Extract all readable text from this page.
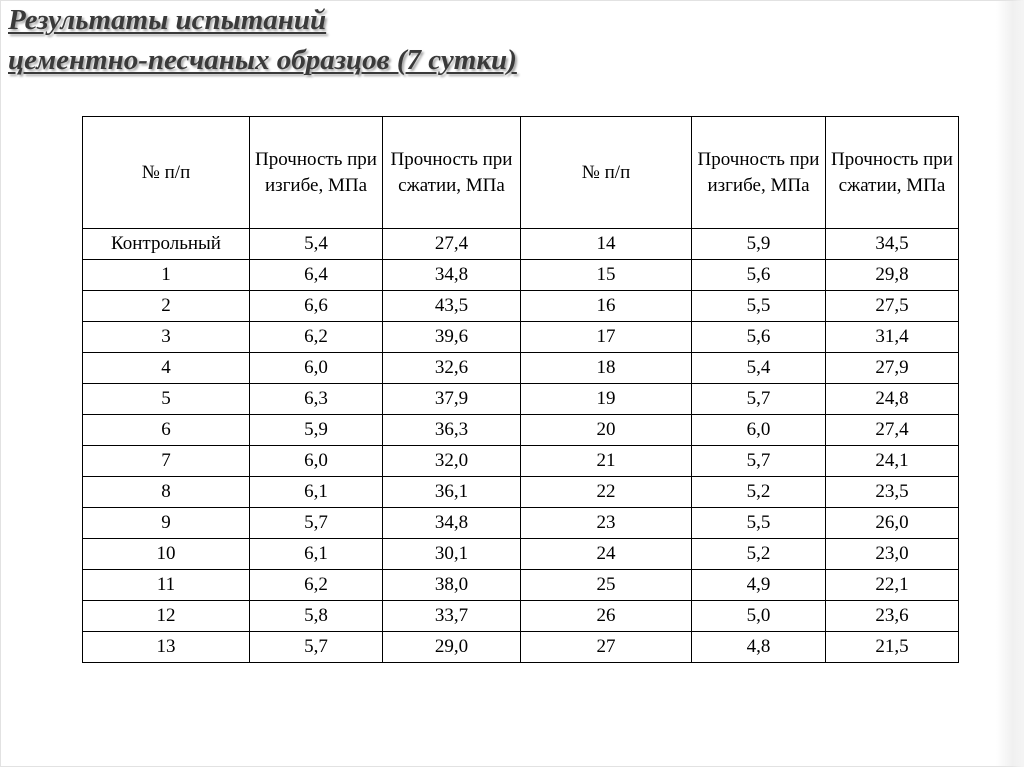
Результаты испытаний
цементно-песчаных образцов (7 сутки)
№ п/п	Прочность при изгибе, МПа	Прочность при сжатии, МПа	№ п/п	Прочность при изгибе, МПа	Прочность при сжатии, МПа
Контрольный	5,4	27,4	14	5,9	34,5
1	6,4	34,8	15	5,6	29,8
2	6,6	43,5	16	5,5	27,5
3	6,2	39,6	17	5,6	31,4
4	6,0	32,6	18	5,4	27,9
5	6,3	37,9	19	5,7	24,8
6	5,9	36,3	20	6,0	27,4
7	6,0	32,0	21	5,7	24,1
8	6,1	36,1	22	5,2	23,5
9	5,7	34,8	23	5,5	26,0
10	6,1	30,1	24	5,2	23,0
11	6,2	38,0	25	4,9	22,1
12	5,8	33,7	26	5,0	23,6
13	5,7	29,0	27	4,8	21,5
